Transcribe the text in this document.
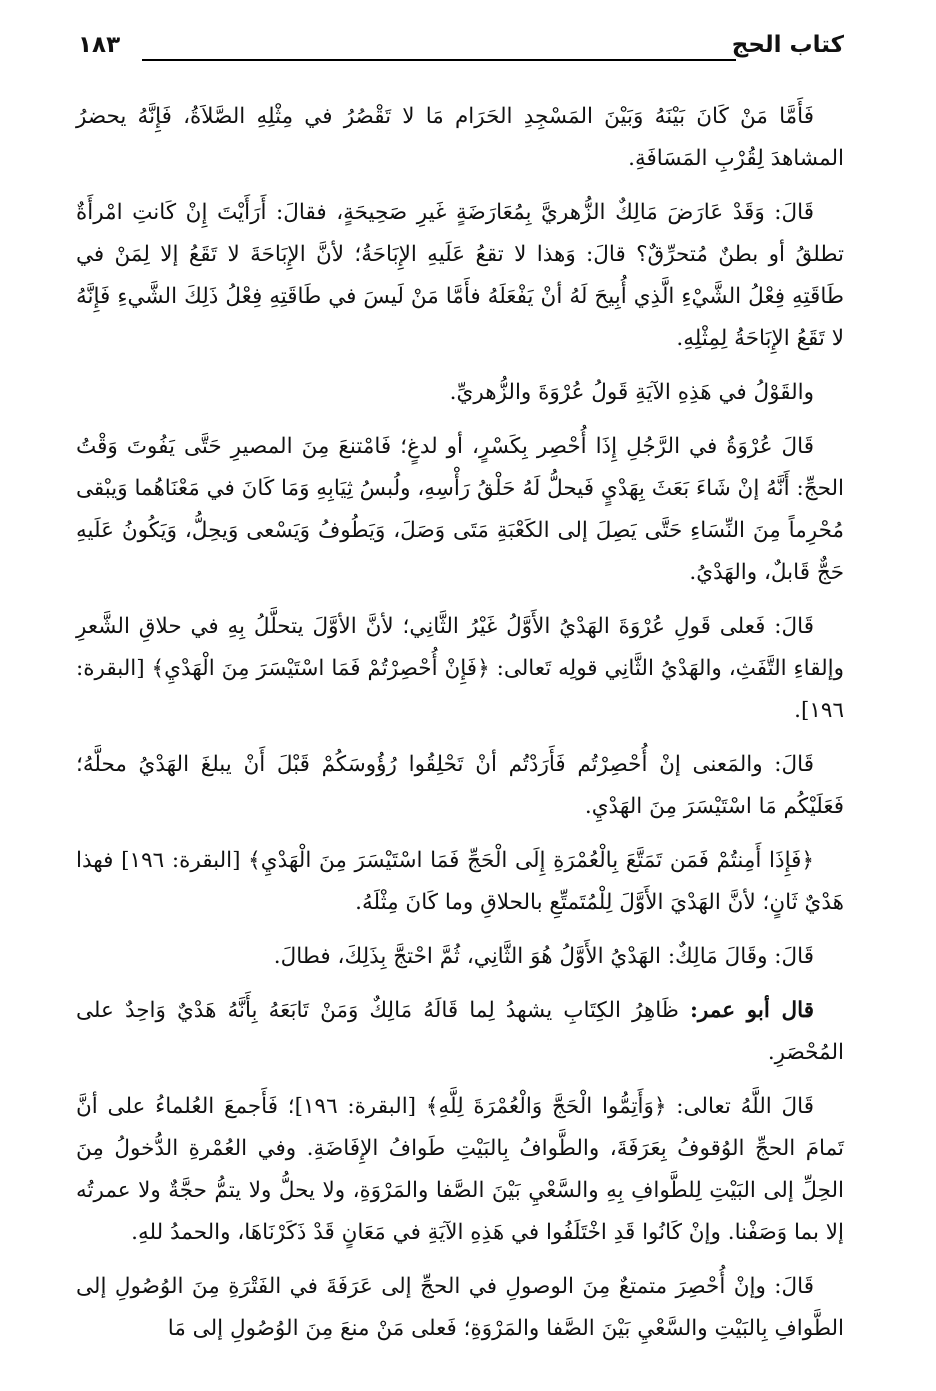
كتاب الحج
١٨٣

فَأَمَّا مَنْ كَانَ بَيْنَهُ وَبَيْنَ المَسْجِدِ الحَرَام مَا لا تَقْصُرُ في مِثْلِهِ الصَّلاَةُ، فَإِنَّهُ يحضرُ المشاهدَ لِقُرْبِ المَسَافَةِ.

قَالَ: وَقَدْ عَارَضَ مَالِكٌ الزُّهريَّ بِمُعَارَضَةٍ غَيرِ صَحِيحَةٍ، فقالَ: أَرَأَيْتَ إِنْ كَانتِ امْرأَةٌ تطلقُ أو بطنٌ مُتحرِّقٌ؟ قالَ: وَهذا لا تقعُ عَلَيهِ الإِبَاحَةُ؛ لأنَّ الإِبَاحَةَ لا تَقَعُ إلا لِمَنْ في طَاقَتِهِ فِعْلُ الشَّيْءِ الَّذِي أُبِيحَ لَهُ أنْ يَفْعَلَهُ فأَمَّا مَنْ لَيسَ في طَاقَتِهِ فِعْلُ ذَلِكَ الشَّيءِ فَإِنَّهُ لا تَقَعُ الإِبَاحَةُ لِمِثْلِهِ.

والقَوْلُ في هَذِهِ الآيَةِ قَولُ عُرْوَةَ والزُّهريِّ.

قَالَ عُرْوَةُ في الرَّجُلِ إِذَا أُحْصِر بِكَسْرٍ، أو لدغٍ؛ فَامْتنعَ مِنَ المصيرِ حَتَّى يَفُوتَ وَقْتُ الحجِّ: أَنَّهُ إنْ شَاءَ بَعَثَ بِهَدْيٍ فَيحلُّ لَهُ حَلْقُ رَأْسِهِ، ولُبسُ ثِيَابِهِ وَمَا كَانَ في مَعْنَاهُما وَيبْقى مُحْرِماً مِنَ النِّسَاءِ حَتَّى يَصِلَ إلى الكَعْبَةِ مَتَى وَصَلَ، وَيَطُوفُ وَيَسْعى وَيحِلُّ، وَيَكُونُ عَلَيهِ حَجٌّ قَابلٌ، والهَدْيُ.

قَالَ: فَعلى قَولِ عُرْوَةَ الهَدْيُ الأَوَّلُ غَيْرُ الثَّانِي؛ لأنَّ الأوَّلَ يتحلَّلُ بِهِ في حلاقِ الشَّعرِ وإلقاءِ التَّفَثِ، والهَدْيُ الثَّانِي قولِه تَعالى: ﴿فَإِنْ أُحْصِرْتُمْ فَمَا اسْتَيْسَرَ مِنَ الْهَدْيِ﴾ [البقرة: ١٩٦].

قَالَ: والمَعنى إنْ أُحْصِرْتُم فَأَرَدْتُم أنْ تَحْلِقُوا رُؤُوسَكُمْ قَبْلَ أَنْ يبلغَ الهَدْيُ محلَّهُ؛ فَعَلَيْكُم مَا اسْتَيْسَرَ مِنَ الهَدْيِ.

﴿فَإِذَا أَمِنتُمْ فَمَن تَمَتَّعَ بِالْعُمْرَةِ إِلَى الْحَجِّ فَمَا اسْتَيْسَرَ مِنَ الْهَدْيِ﴾ [البقرة: ١٩٦] فهذا هَدْيٌ ثَانٍ؛ لأنَّ الهَدْيَ الأَوَّلَ لِلْمُتَمتِّعِ بالحلاقِ وما كَانَ مِثْلَهُ.

قَالَ: وقَالَ مَالِكٌ: الهَدْيُ الأَوَّلُ هُوَ الثَّانِي، ثُمَّ احْتجَّ بِذَلِكَ، فطالَ.

قال أبو عمر: ظَاهِرُ الكِتَابِ يشهدُ لِما قَالَهُ مَالِكٌ وَمَنْ تَابَعَهُ بِأَنَّهُ هَدْيٌ وَاحِدٌ على المُحْصَرِ.

قَالَ اللَّهُ تعالى: ﴿وَأَتِمُّوا الْحَجَّ وَالْعُمْرَةَ لِلَّهِ﴾ [البقرة: ١٩٦]؛ فَأَجمعَ العُلماءُ على أنَّ تَمامَ الحجِّ الوُقوفُ بِعَرَفَةَ، والطَّوافُ بِالبَيْتِ طَوافُ الإِفَاضَةِ. وفي العُمْرةِ الدُّخولُ مِنَ الحِلِّ إلى البَيْتِ لِلطَّوافِ بِهِ والسَّعْيِ بَيْنَ الصَّفا والمَرْوَةِ، ولا يحلُّ ولا يتمُّ حجَّةٌ ولا عمرتُه إلا بما وَصَفْنا. وإنْ كَانُوا قَدِ اخْتَلَفُوا في هَذِهِ الآيَةِ في مَعَانٍ قَدْ ذَكَرْنَاهَا، والحمدُ للهِ.

قَالَ: وإنْ أُحْصِرَ متمتعٌ مِنَ الوصولِ في الحجِّ إلى عَرَفَةَ في الفَتْرَةِ مِنَ الوُصُولِ إلى الطَّوافِ بِالبَيْتِ والسَّعْيِ بَيْنَ الصَّفا والمَرْوَةِ؛ فَعلى مَنْ منعَ مِنَ الوُصُولِ إلى مَا
